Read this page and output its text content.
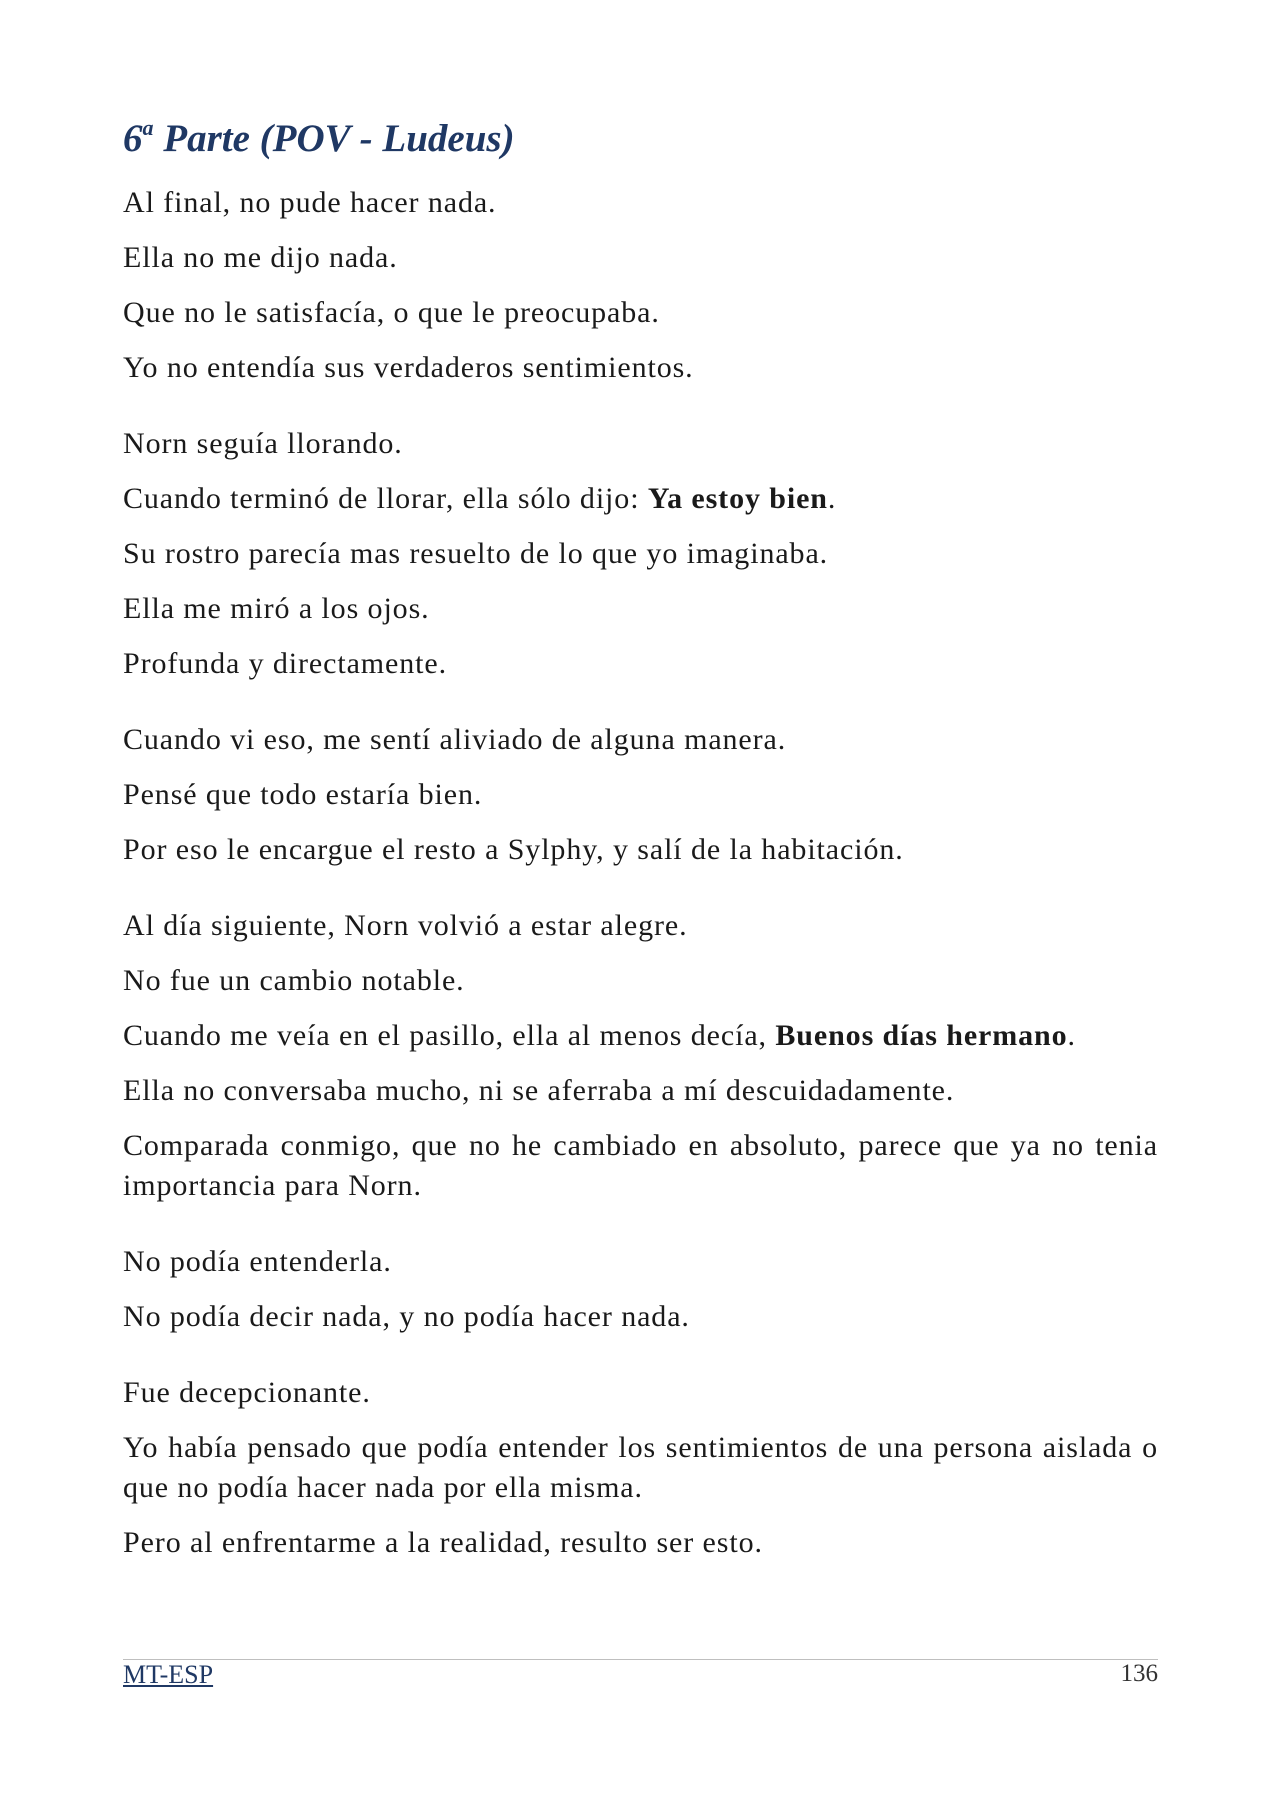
6$^a$ Parte (POV - Ludeus)

Al final, no pude hacer nada.

Ella no me dijo nada.

Que no le satisfacía, o que le preocupaba.

Yo no entendía sus verdaderos sentimientos.

Norn seguía llorando.

Cuando terminó de llorar, ella sólo dijo: Ya estoy bien.

Su rostro parecía mas resuelto de lo que yo imaginaba.

Ella me miró a los ojos.

Profunda y directamente.

Cuando vi eso, me sentí aliviado de alguna manera.

Pensé que todo estaría bien.

Por eso le encargue el resto a Sylphy, y salí de la habitación.

Al día siguiente, Norn volvió a estar alegre.

No fue un cambio notable.

Cuando me veía en el pasillo, ella al menos decía, Buenos días hermano.

Ella no conversaba mucho, ni se aferraba a mí descuidadamente.

Comparada conmigo, que no he cambiado en absoluto, parece que ya no tenia importancia para Norn.

No podía entenderla.

No podía decir nada, y no podía hacer nada.

Fue decepcionante.

Yo había pensado que podía entender los sentimientos de una persona aislada o que no podía hacer nada por ella misma.

Pero al enfrentarme a la realidad, resulto ser esto.

MT-ESP	136
